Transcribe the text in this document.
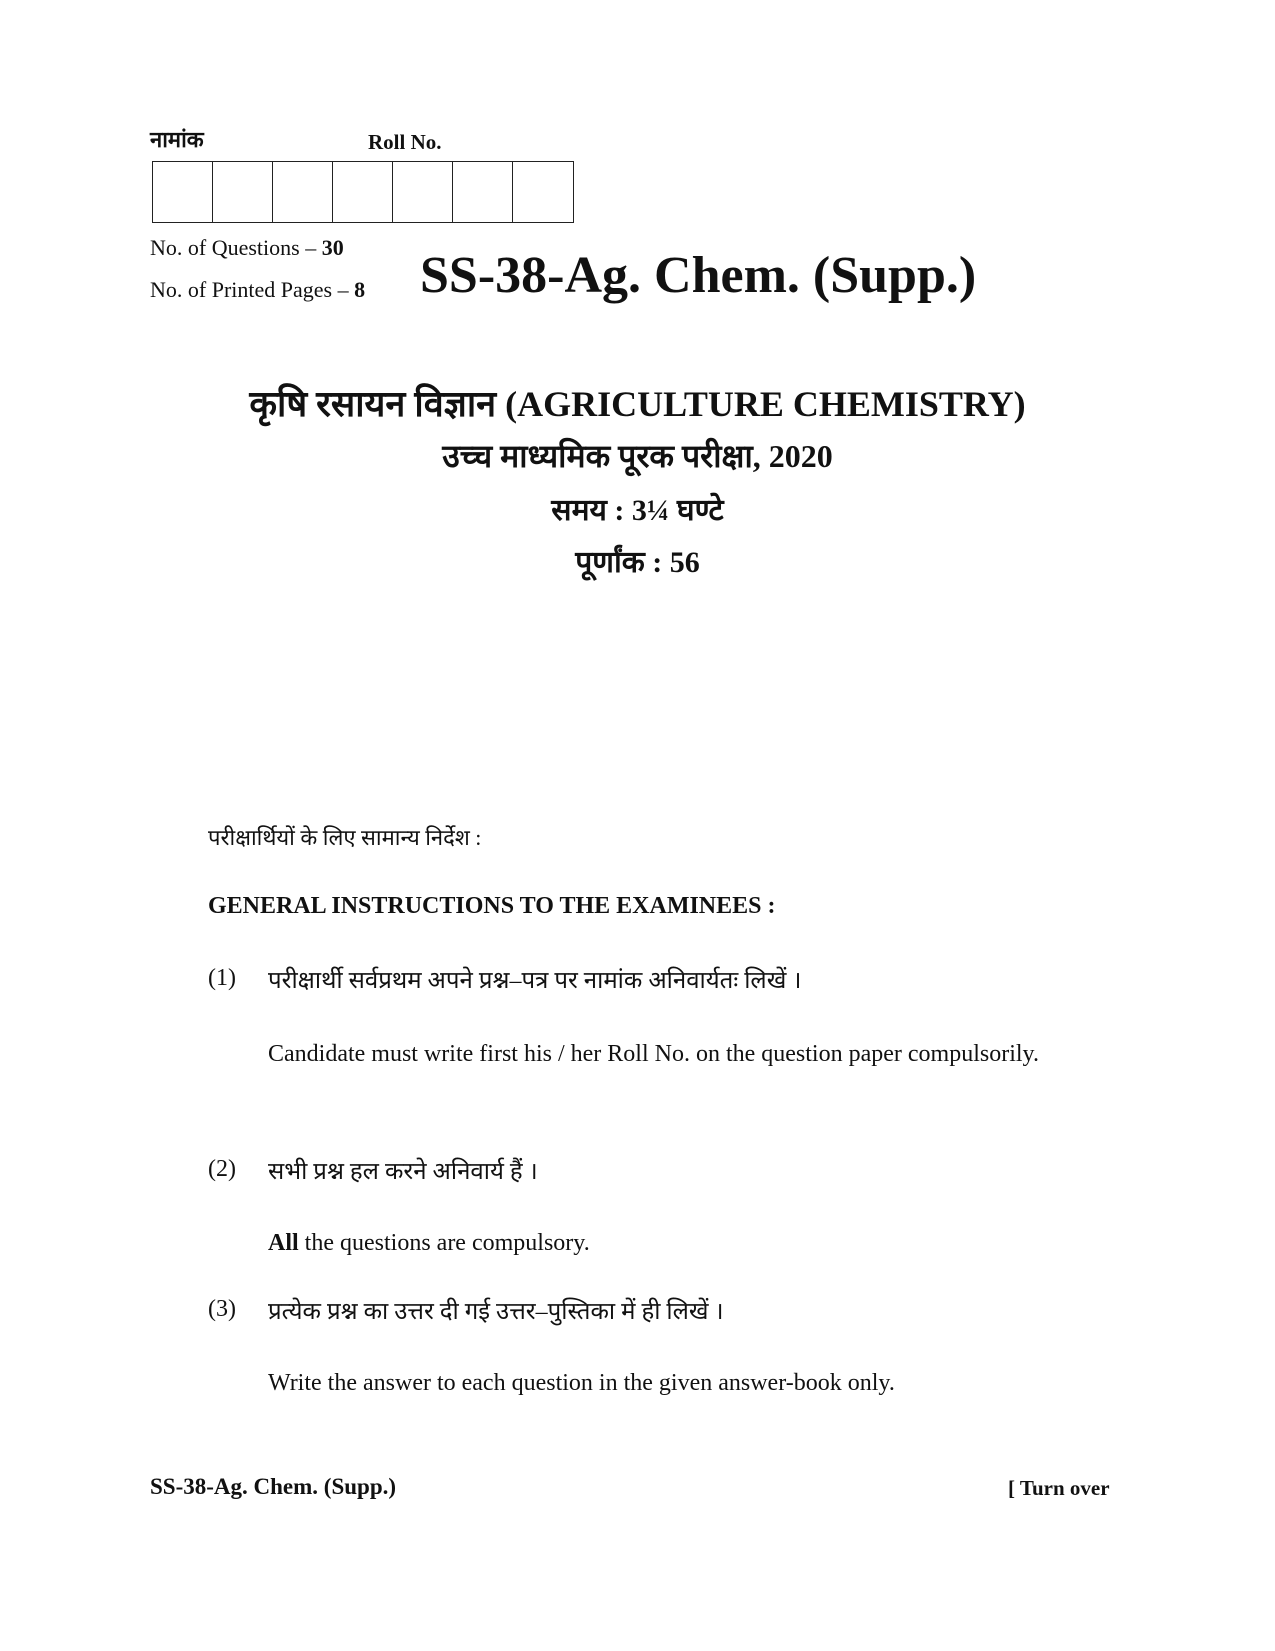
नामांक	Roll No.
No. of Questions – 30
No. of Printed Pages – 8 SS-38-Ag. Chem. (Supp.)
कृषि रसायन विज्ञान (AGRICULTURE CHEMISTRY)
उच्च माध्यमिक पूरक परीक्षा, 2020
समय : 3¼ घण्टे
पूर्णांक : 56
परीक्षार्थियों के लिए सामान्य निर्देश :
GENERAL INSTRUCTIONS TO THE EXAMINEES :
(1) परीक्षार्थी सर्वप्रथम अपने प्रश्न–पत्र पर नामांक अनिवार्यतः लिखें ।
Candidate must write first his / her Roll No. on the question paper compulsorily.
(2) सभी प्रश्न हल करने अनिवार्य हैं ।
All the questions are compulsory.
(3) प्रत्येक प्रश्न का उत्तर दी गई उत्तर–पुस्तिका में ही लिखें ।
Write the answer to each question in the given answer-book only.
SS-38-Ag. Chem. (Supp.)	[ Turn over
